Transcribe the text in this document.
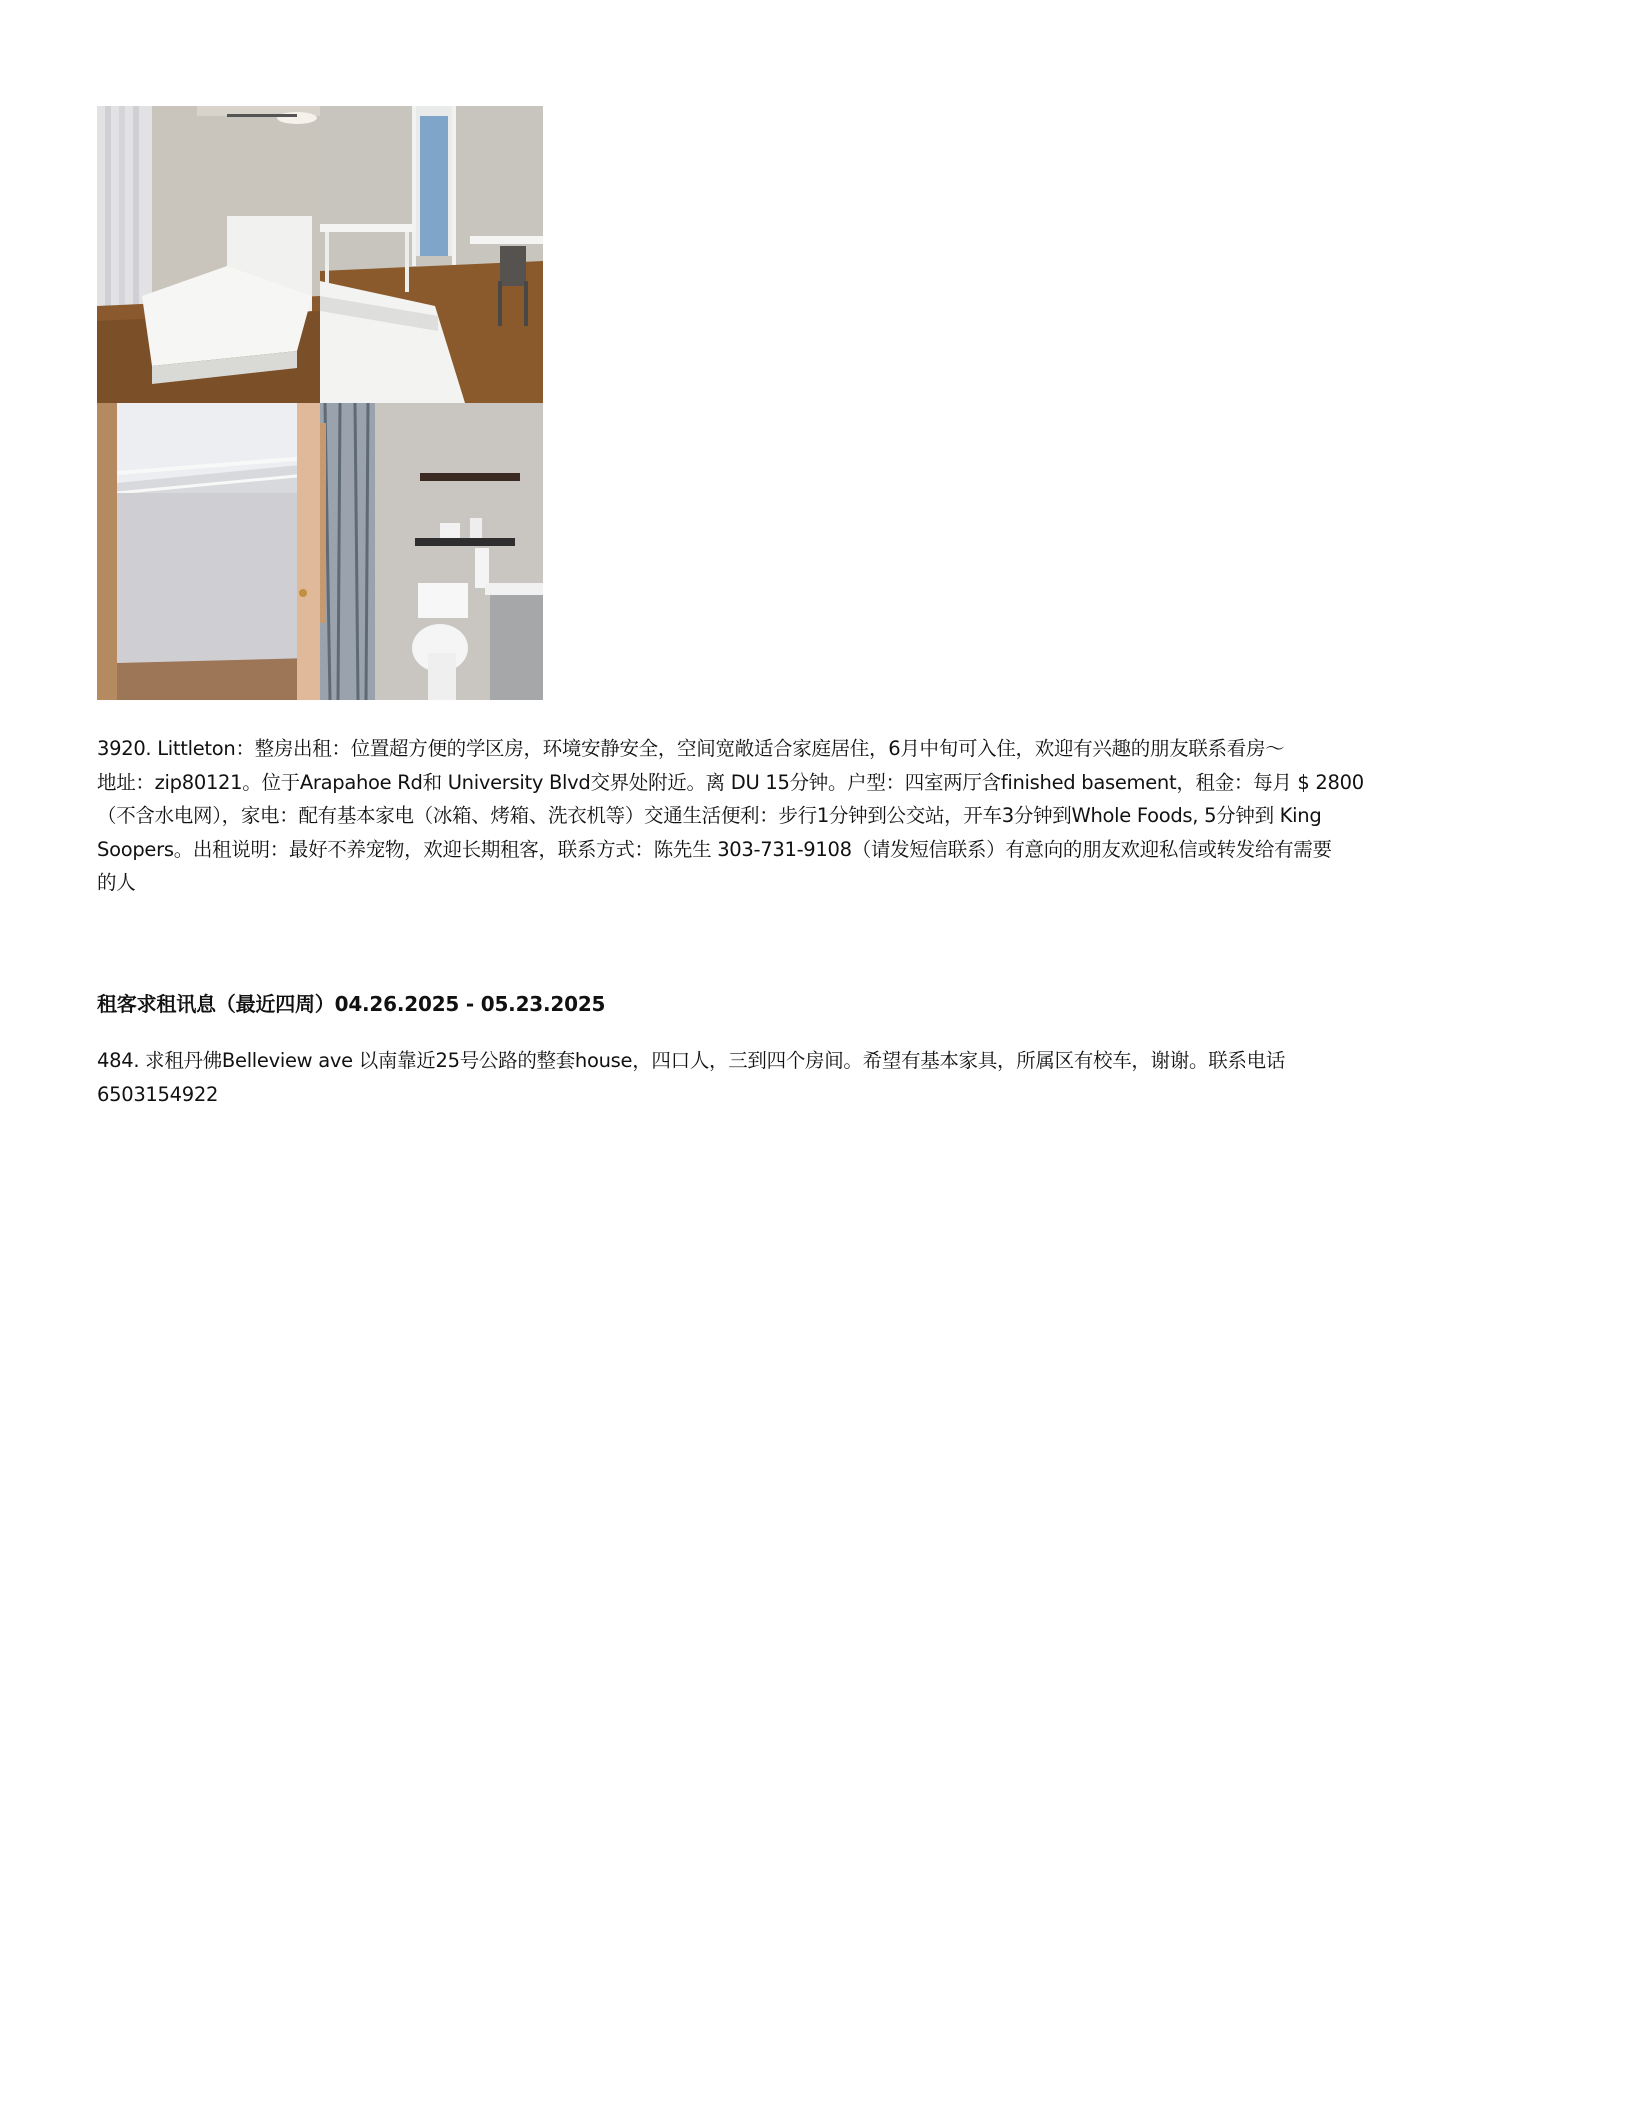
3920. Littleton：整房出租：位置超方便的学区房，环境安静安全，空间宽敞适合家庭居住，6月中旬可入住，欢迎有兴趣的朋友联系看房～
地址：zip80121。位于Arapahoe Rd和 University Blvd交界处附近。离 DU 15分钟。户型：四室两厅含finished basement，租金：每月 $ 2800
（不含水电网），家电：配有基本家电（冰箱、烤箱、洗衣机等）交通生活便利：步行1分钟到公交站，开车3分钟到Whole Foods, 5分钟到 King
Soopers。出租说明：最好不养宠物，欢迎长期租客，联系方式：陈先生 303-731-9108（请发短信联系）有意向的朋友欢迎私信或转发给有需要
的人

租客求租讯息（最近四周）04.26.2025 - 05.23.2025

484. 求租丹佛Belleview ave 以南靠近25号公路的整套house，四口人，三到四个房间。希望有基本家具，所属区有校车，谢谢。联系电话
6503154922
